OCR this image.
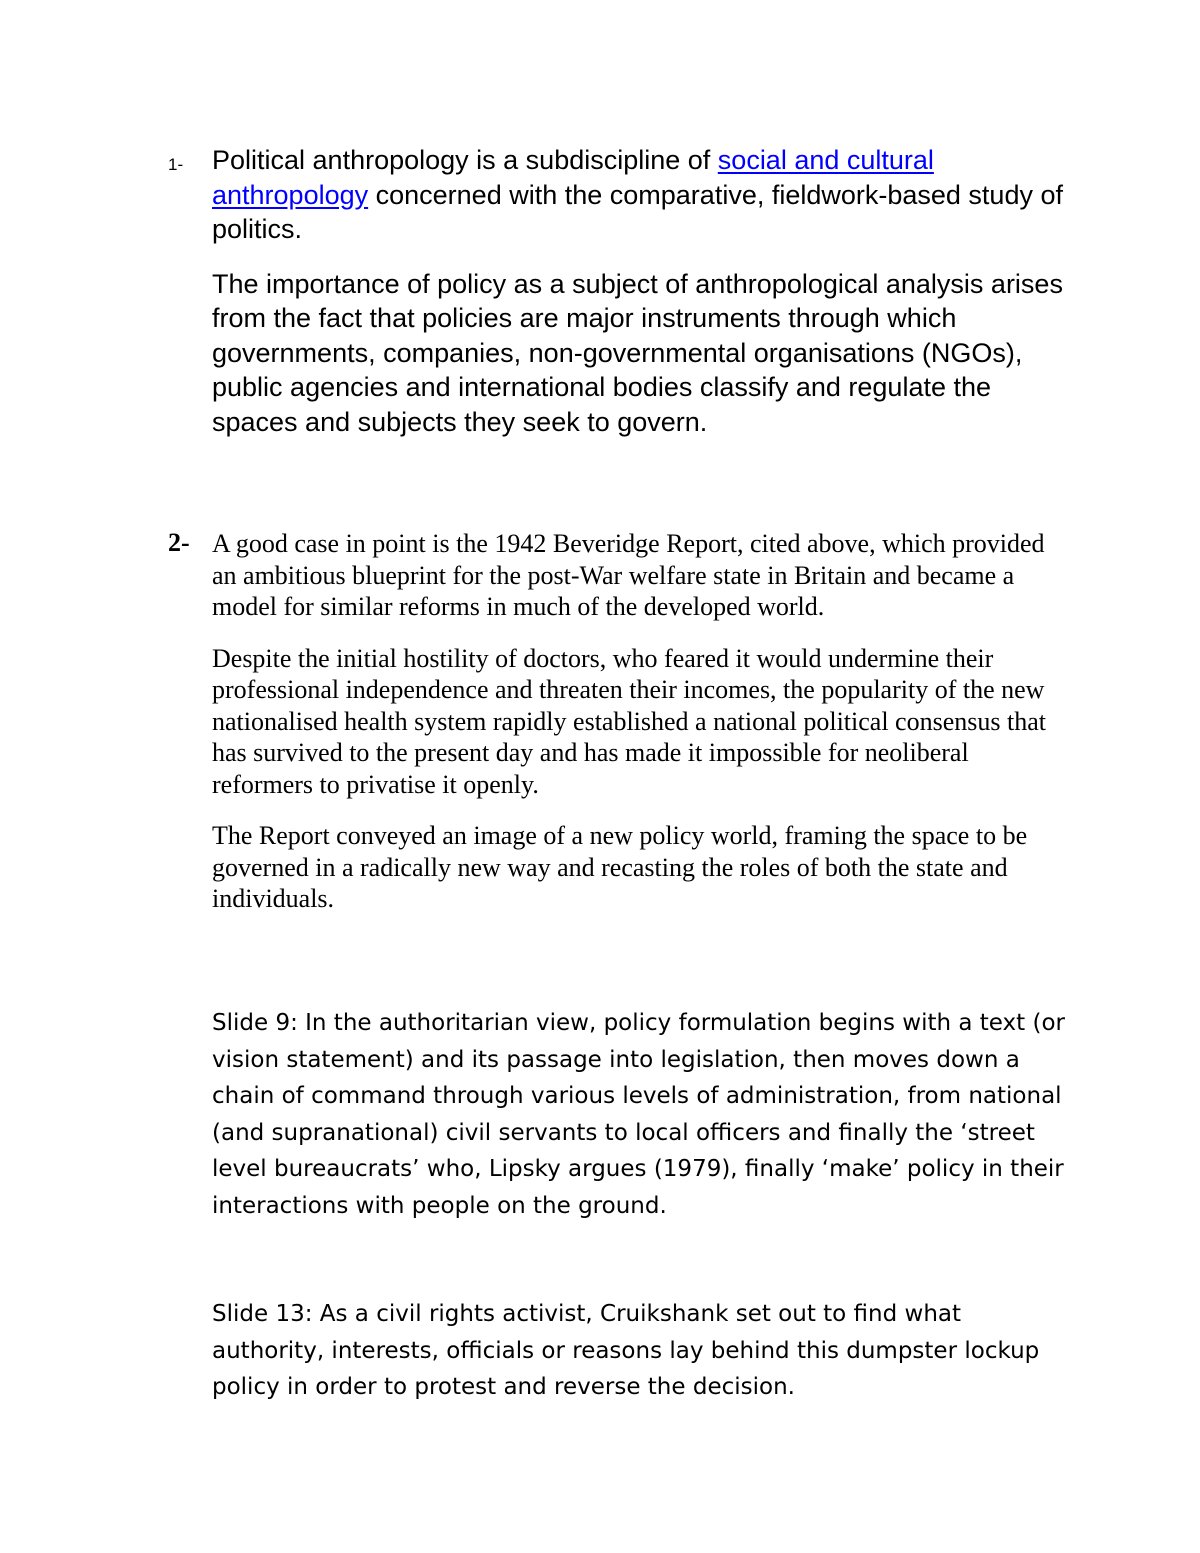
1- Political anthropology is a subdiscipline of social and cultural anthropology concerned with the comparative, fieldwork-based study of politics.

The importance of policy as a subject of anthropological analysis arises from the fact that policies are major instruments through which governments, companies, non-governmental organisations (NGOs), public agencies and international bodies classify and regulate the spaces and subjects they seek to govern.

2- A good case in point is the 1942 Beveridge Report, cited above, which provided an ambitious blueprint for the post-War welfare state in Britain and became a model for similar reforms in much of the developed world.

Despite the initial hostility of doctors, who feared it would undermine their professional independence and threaten their incomes, the popularity of the new nationalised health system rapidly established a national political consensus that has survived to the present day and has made it impossible for neoliberal reformers to privatise it openly.

The Report conveyed an image of a new policy world, framing the space to be governed in a radically new way and recasting the roles of both the state and individuals.

Slide 9: In the authoritarian view, policy formulation begins with a text (or vision statement) and its passage into legislation, then moves down a chain of command through various levels of administration, from national (and supranational) civil servants to local officers and finally the ‘street level bureaucrats’ who, Lipsky argues (1979), finally ‘make’ policy in their interactions with people on the ground.
Slide 13: As a civil rights activist, Cruikshank set out to find what authority, interests, officials or reasons lay behind this dumpster lockup policy in order to protest and reverse the decision.
